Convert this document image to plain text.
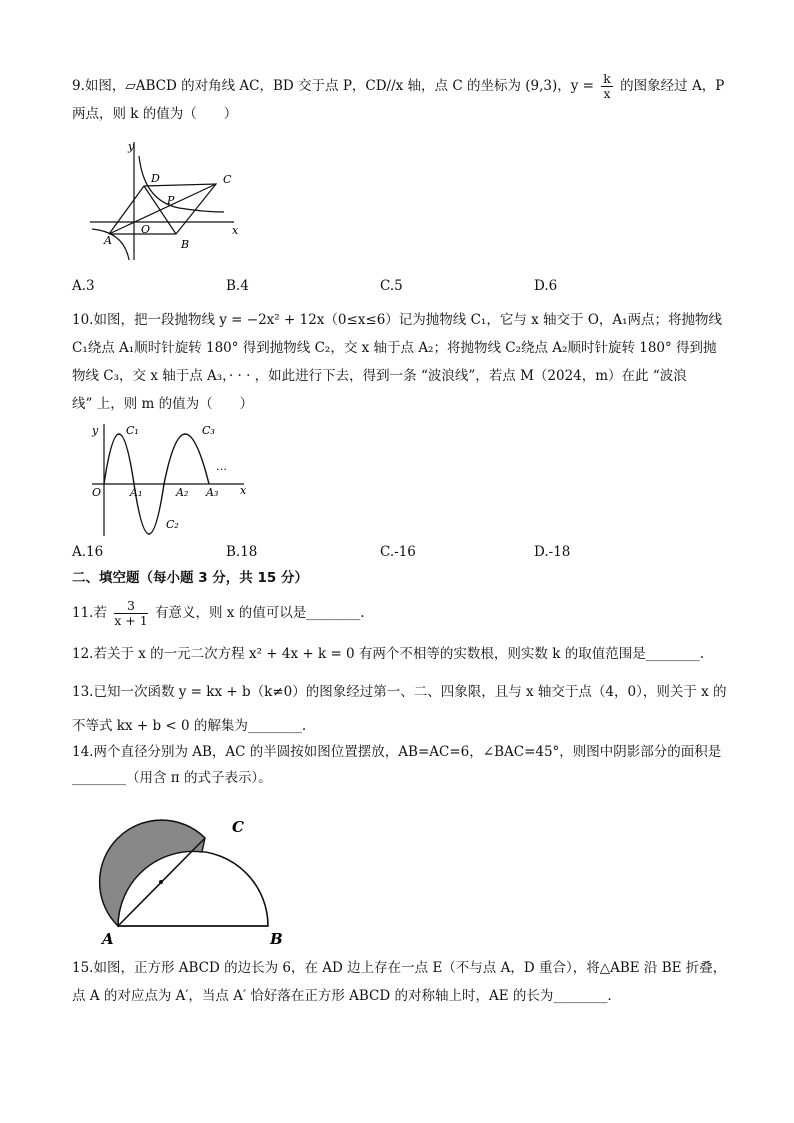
9.如图，▱ABCD 的对角线 AC，BD 交于点 P，CD//x 轴，点 C 的坐标为 (9,3)，$y = \frac{k}{x}$ 的图象经过 A，P
两点，则 k 的值为（　　）
y
D	C
P
A
O
B
x
A.3	B.4	C.5	D.6
10.如图，把一段抛物线 y = −2x² + 12x（0≤x≤6）记为抛物线 C₁，它与 x 轴交于 O，A₁两点；将抛物线
C₁绕点 A₁顺时针旋转 180° 得到抛物线 C₂，交 x 轴于点 A₂；将抛物线 C₂绕点 A₂顺时针旋转 180° 得到抛
物线 C₃，交 x 轴于点 A₃，· · · ，如此进行下去，得到一条 “波浪线”，若点 M（2024，m）在此 “波浪
线” 上，则 m 的值为（　　）
y	C₁	C₃
…
O	A₁	A₂ A₃ x
C₂
A.16	B.18	C.-16	D.-18
二、填空题（每小题 3 分，共 15 分）
11.若 $\frac{3}{x + 1}$ 有意义，则 x 的值可以是________.
12.若关于 x 的一元二次方程 x² + 4x + k = 0 有两个不相等的实数根，则实数 k 的取值范围是________.
13.已知一次函数 y = kx + b（k≠0）的图象经过第一、二、四象限，且与 x 轴交于点（4，0），则关于 x 的
不等式 kx + b < 0 的解集为________.
14.两个直径分别为 AB，AC 的半圆按如图位置摆放，AB=AC=6，∠BAC=45°，则图中阴影部分的面积是
________（用含 π 的式子表示）。
A	B
C
15.如图，正方形 ABCD 的边长为 6，在 AD 边上存在一点 E（不与点 A，D 重合），将△ABE 沿 BE 折叠，
点 A 的对应点为 A′，当点 A′ 恰好落在正方形 ABCD 的对称轴上时，AE 的长为________.
